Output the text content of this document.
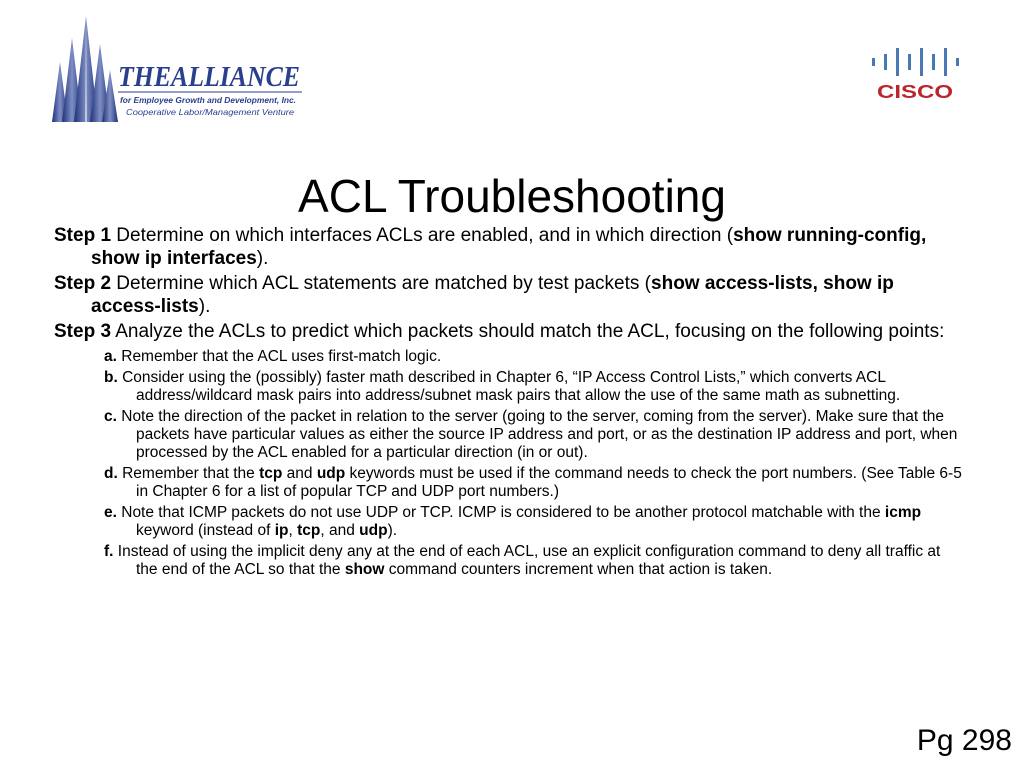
THEALLIANCE
for Employee Growth and Development, Inc.
Cooperative Labor/Management Venture
CISCO
ACL Troubleshooting
Step 1 Determine on which interfaces ACLs are enabled, and in which direction (show running-config, show ip interfaces).
Step 2 Determine which ACL statements are matched by test packets (show access-lists, show ip access-lists).
Step 3 Analyze the ACLs to predict which packets should match the ACL, focusing on the following points:
a. Remember that the ACL uses first-match logic.
b. Consider using the (possibly) faster math described in Chapter 6, “IP Access Control Lists,” which converts ACL address/wildcard mask pairs into address/subnet mask pairs that allow the use of the same math as subnetting.
c. Note the direction of the packet in relation to the server (going to the server, coming from the server). Make sure that the packets have particular values as either the source IP address and port, or as the destination IP address and port, when processed by the ACL enabled for a particular direction (in or out).
d. Remember that the tcp and udp keywords must be used if the command needs to check the port numbers. (See Table 6-5 in Chapter 6 for a list of popular TCP and UDP port numbers.)
e. Note that ICMP packets do not use UDP or TCP. ICMP is considered to be another protocol matchable with the icmp keyword (instead of ip, tcp, and udp).
f. Instead of using the implicit deny any at the end of each ACL, use an explicit configuration command to deny all traffic at the end of the ACL so that the show command counters increment when that action is taken.
Pg 298
